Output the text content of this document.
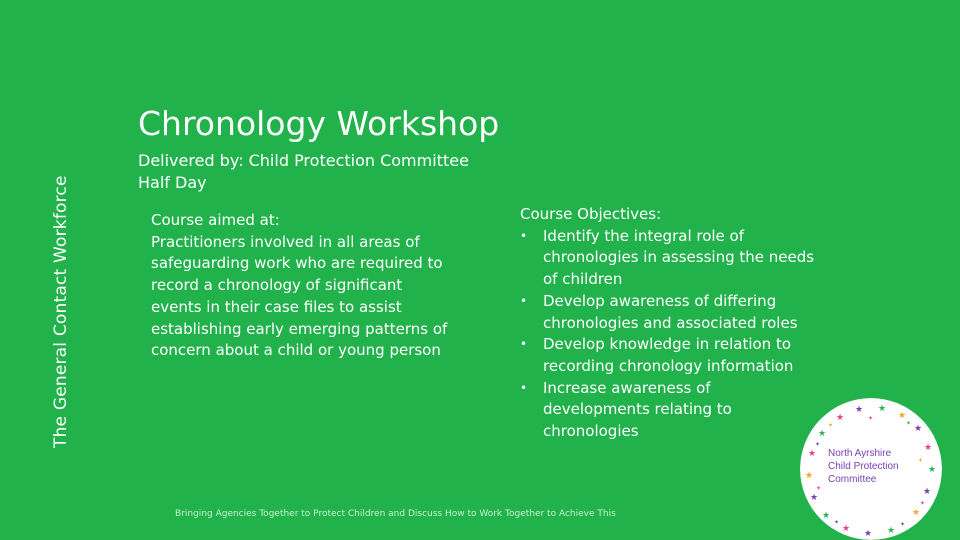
The General Contact Workforce
Chronology Workshop
Delivered by: Child Protection Committee
Half Day
Course aimed at:
Practitioners involved in all areas of safeguarding work who are required to record a chronology of significant events in their case files to assist establishing early emerging patterns of concern about a child or young person
Course Objectives:
• Identify the integral role of chronologies in assessing the needs of children
• Develop awareness of differing chronologies and associated roles
• Develop knowledge in relation to recording chronology information
• Increase awareness of developments relating to chronologies
Bringing Agencies Together to Protect Children and Discuss How to Work Together to Achieve This
★
★ ★
★
★
★
★
★
★
★
★
★
★	★
★ ★ ★
✦
✦
✦
✦
✦
✦
✦
✦	✦
North Ayrshire
Child Protection
Committee
